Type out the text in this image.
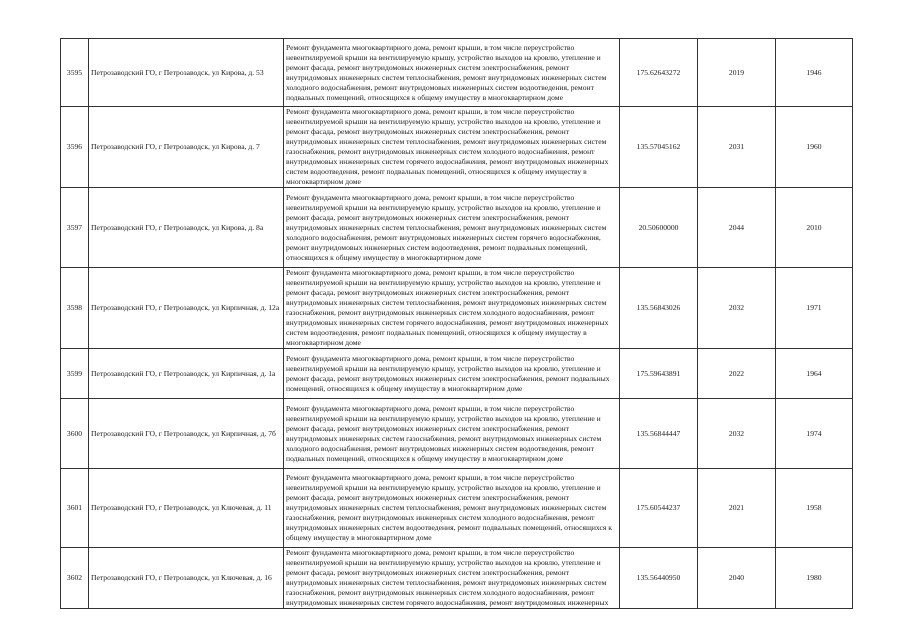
3595	Петрозаводский ГО, г Петрозаводск, ул Кирова, д. 53	Ремонт фундамента многоквартирного дома, ремонт крыши, в том числе переустройство невентилируемой крыши на вентилируемую крышу, устройство выходов на кровлю, утепление и ремонт фасада, ремонт внутридомовых инженерных систем электроснабжения, ремонт внутридомовых инженерных систем теплоснабжения, ремонт внутридомовых инженерных систем холодного водоснабжения, ремонт внутридомовых инженерных систем водоотведения, ремонт подвальных помещений, относящихся к общему имуществу в многоквартирном доме	175.62643272	2019	1946
3596	Петрозаводский ГО, г Петрозаводск, ул Кирова, д. 7	Ремонт фундамента многоквартирного дома, ремонт крыши, в том числе переустройство невентилируемой крыши на вентилируемую крышу, устройство выходов на кровлю, утепление и ремонт фасада, ремонт внутридомовых инженерных систем электроснабжения, ремонт внутридомовых инженерных систем теплоснабжения, ремонт внутридомовых инженерных систем газоснабжения, ремонт внутридомовых инженерных систем холодного водоснабжения, ремонт внутридомовых инженерных систем горячего водоснабжения, ремонт внутридомовых инженерных систем водоотведения, ремонт подвальных помещений, относящихся к общему имуществу в многоквартирном доме	135.57045162	2031	1960
3597	Петрозаводский ГО, г Петрозаводск, ул Кирова, д. 8а	Ремонт фундамента многоквартирного дома, ремонт крыши, в том числе переустройство невентилируемой крыши на вентилируемую крышу, устройство выходов на кровлю, утепление и ремонт фасада, ремонт внутридомовых инженерных систем электроснабжения, ремонт внутридомовых инженерных систем теплоснабжения, ремонт внутридомовых инженерных систем холодного водоснабжения, ремонт внутридомовых инженерных систем горячего водоснабжения, ремонт внутридомовых инженерных систем водоотведения, ремонт подвальных помещений, относящихся к общему имуществу в многоквартирном доме	20.50600000	2044	2010
3598	Петрозаводский ГО, г Петрозаводск, ул Кирпичная, д. 12а	Ремонт фундамента многоквартирного дома, ремонт крыши, в том числе переустройство невентилируемой крыши на вентилируемую крышу, устройство выходов на кровлю, утепление и ремонт фасада, ремонт внутридомовых инженерных систем электроснабжения, ремонт внутридомовых инженерных систем теплоснабжения, ремонт внутридомовых инженерных систем газоснабжения, ремонт внутридомовых инженерных систем холодного водоснабжения, ремонт внутридомовых инженерных систем горячего водоснабжения, ремонт внутридомовых инженерных систем водоотведения, ремонт подвальных помещений, относящихся к общему имуществу в многоквартирном доме	135.56843026	2032	1971
3599	Петрозаводский ГО, г Петрозаводск, ул Кирпичная, д. 1а	Ремонт фундамента многоквартирного дома, ремонт крыши, в том числе переустройство невентилируемой крыши на вентилируемую крышу, устройство выходов на кровлю, утепление и ремонт фасада, ремонт внутридомовых инженерных систем электроснабжения, ремонт подвальных помещений, относящихся к общему имуществу в многоквартирном доме	175.59643891	2022	1964
3600	Петрозаводский ГО, г Петрозаводск, ул Кирпичная, д. 7б	Ремонт фундамента многоквартирного дома, ремонт крыши, в том числе переустройство невентилируемой крыши на вентилируемую крышу, устройство выходов на кровлю, утепление и ремонт фасада, ремонт внутридомовых инженерных систем электроснабжения, ремонт внутридомовых инженерных систем газоснабжения, ремонт внутридомовых инженерных систем холодного водоснабжения, ремонт внутридомовых инженерных систем водоотведения, ремонт подвальных помещений, относящихся к общему имуществу в многоквартирном доме	135.56844447	2032	1974
3601	Петрозаводский ГО, г Петрозаводск, ул Ключевая, д. 11	Ремонт фундамента многоквартирного дома, ремонт крыши, в том числе переустройство невентилируемой крыши на вентилируемую крышу, устройство выходов на кровлю, утепление и ремонт фасада, ремонт внутридомовых инженерных систем электроснабжения, ремонт внутридомовых инженерных систем теплоснабжения, ремонт внутридомовых инженерных систем газоснабжения, ремонт внутридомовых инженерных систем холодного водоснабжения, ремонт внутридомовых инженерных систем водоотведения, ремонт подвальных помещений, относящихся к общему имуществу в многоквартирном доме	175.60544237	2021	1958
3602	Петрозаводский ГО, г Петрозаводск, ул Ключевая, д. 16	Ремонт фундамента многоквартирного дома, ремонт крыши, в том числе переустройство невентилируемой крыши на вентилируемую крышу, устройство выходов на кровлю, утепление и ремонт фасада, ремонт внутридомовых инженерных систем электроснабжения, ремонт внутридомовых инженерных систем теплоснабжения, ремонт внутридомовых инженерных систем газоснабжения, ремонт внутридомовых инженерных систем холодного водоснабжения, ремонт внутридомовых инженерных систем горячего водоснабжения, ремонт внутридомовых инженерных	135.56440950	2040	1980
